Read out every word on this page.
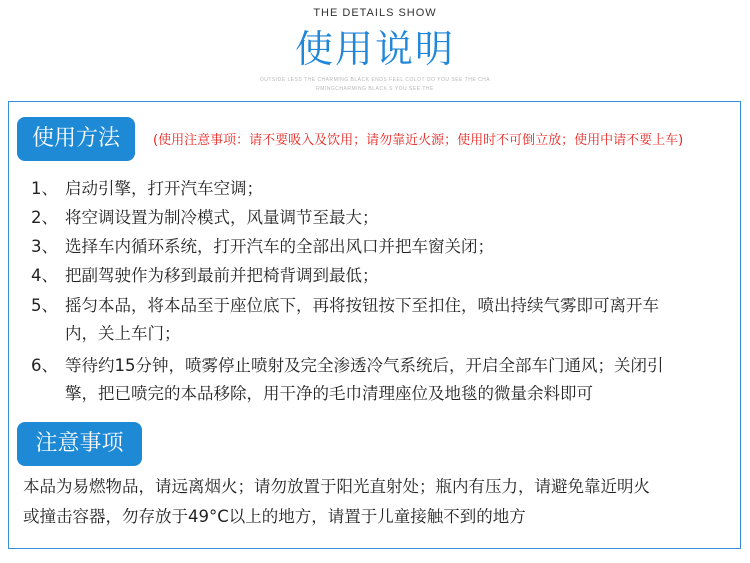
THE DETAILS SHOW
使用说明
OUTSIDE LESS THE CHARMING BLACK ENDS FEEL COLOT DO YOU SEE THE CHA
RMINGCHARMING BLACK S YOU SEE THE
使用方法	(使用注意事项：请不要吸入及饮用；请勿靠近火源；使用时不可倒立放；使用中请不要上车)
1、 启动引擎，打开汽车空调；
2、 将空调设置为制冷模式，风量调节至最大；
3、 选择车内循环系统，打开汽车的全部出风口并把车窗关闭；
4、 把副驾驶作为移到最前并把椅背调到最低；
5、 摇匀本品，将本品至于座位底下，再将按钮按下至扣住，喷出持续气雾即可离开车
内，关上车门；
6、 等待约15分钟，喷雾停止喷射及完全渗透冷气系统后，开启全部车门通风；关闭引
擎，把已喷完的本品移除，用干净的毛巾清理座位及地毯的微量余料即可
注意事项
本品为易燃物品，请远离烟火；请勿放置于阳光直射处；瓶内有压力，请避免靠近明火
或撞击容器，勿存放于49°C以上的地方，请置于儿童接触不到的地方
